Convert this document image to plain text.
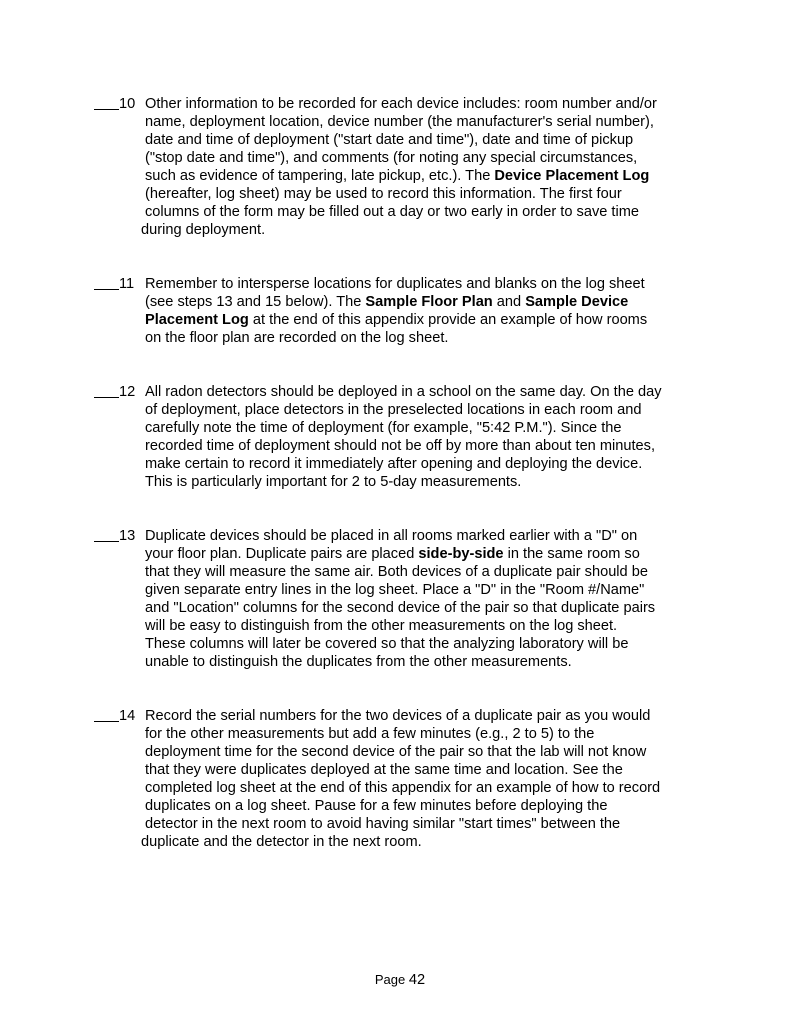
10 Other information to be recorded for each device includes: room number and/or
name, deployment location, device number (the manufacturer's serial number),
date and time of deployment ("start date and time"), date and time of pickup
("stop date and time"), and comments (for noting any special circumstances,
such as evidence of tampering, late pickup, etc.). The Device Placement Log
(hereafter, log sheet) may be used to record this information. The first four
columns of the form may be filled out a day or two early in order to save time
during deployment.
11 Remember to intersperse locations for duplicates and blanks on the log sheet
(see steps 13 and 15 below). The Sample Floor Plan and Sample Device
Placement Log at the end of this appendix provide an example of how rooms
on the floor plan are recorded on the log sheet.
12 All radon detectors should be deployed in a school on the same day. On the day
of deployment, place detectors in the preselected locations in each room and
carefully note the time of deployment (for example, "5:42 P.M."). Since the
recorded time of deployment should not be off by more than about ten minutes,
make certain to record it immediately after opening and deploying the device.
This is particularly important for 2 to 5-day measurements.
13 Duplicate devices should be placed in all rooms marked earlier with a "D" on
your floor plan. Duplicate pairs are placed side-by-side in the same room so
that they will measure the same air. Both devices of a duplicate pair should be
given separate entry lines in the log sheet. Place a "D" in the "Room #/Name"
and "Location" columns for the second device of the pair so that duplicate pairs
will be easy to distinguish from the other measurements on the log sheet.
These columns will later be covered so that the analyzing laboratory will be
unable to distinguish the duplicates from the other measurements.
14 Record the serial numbers for the two devices of a duplicate pair as you would
for the other measurements but add a few minutes (e.g., 2 to 5) to the
deployment time for the second device of the pair so that the lab will not know
that they were duplicates deployed at the same time and location. See the
completed log sheet at the end of this appendix for an example of how to record
duplicates on a log sheet. Pause for a few minutes before deploying the
detector in the next room to avoid having similar "start times" between the
duplicate and the detector in the next room.
Page 42
